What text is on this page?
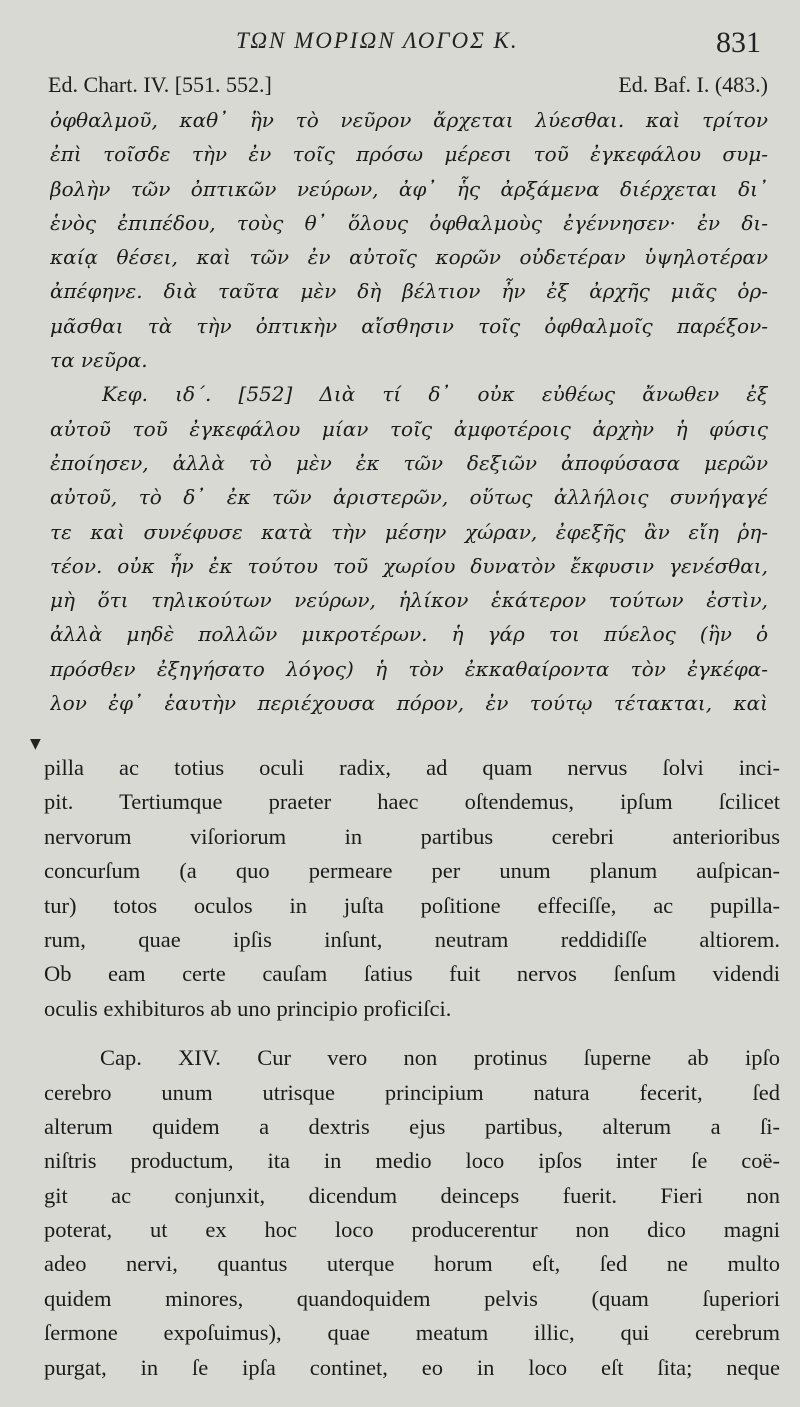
ΤΩΝ ΜΟΡΙΩΝ ΛΟΓΟΣ Κ.	831
Ed. Chart. IV. [551. 552.]	Ed. Baf. I. (483.)
ὀφθαλμοῦ, καθ᾽ ἣν τὸ νεῦρον ἄρχεται λύεσθαι. καὶ τρίτον
ἐπὶ τοῖσδε τὴν ἐν τοῖς πρόσω μέρεσι τοῦ ἐγκεφάλου συμ-
βολὴν τῶν ὀπτικῶν νεύρων, ἀφ᾽ ἧς ἀρξάμενα διέρχεται δι᾽
ἑνὸς ἐπιπέδου, τοὺς θ᾽ ὅλους ὀφθαλμοὺς ἐγέννησεν· ἐν δι-
καίᾳ θέσει, καὶ τῶν ἐν αὐτοῖς κορῶν οὐδετέραν ὑψηλοτέραν
ἀπέφηνε. διὰ ταῦτα μὲν δὴ βέλτιον ἦν ἐξ ἀρχῆς μιᾶς ὁρ-
μᾶσθαι τὰ τὴν ὀπτικὴν αἴσθησιν τοῖς ὀφθαλμοῖς παρέξον-
τα νεῦρα.
Κεφ. ιδ´. [552] Διὰ τί δ᾽ οὐκ εὐθέως ἄνωθεν ἐξ
αὐτοῦ τοῦ ἐγκεφάλου μίαν τοῖς ἀμφοτέροις ἀρχὴν ἡ φύσις
ἐποίησεν, ἀλλὰ τὸ μὲν ἐκ τῶν δεξιῶν ἀποφύσασα μερῶν
αὐτοῦ, τὸ δ᾽ ἐκ τῶν ἀριστερῶν, οὕτως ἀλλήλοις συνήγαγέ
τε καὶ συνέφυσε κατὰ τὴν μέσην χώραν, ἐφεξῆς ἂν εἴη ῥη-
τέον. οὐκ ἦν ἐκ τούτου τοῦ χωρίου δυνατὸν ἔκφυσιν γενέσθαι,
μὴ ὅτι τηλικούτων νεύρων, ἡλίκον ἑκάτερον τούτων ἐστὶν,
ἀλλὰ μηδὲ πολλῶν μικροτέρων. ἡ γάρ τοι πύελος (ἣν ὁ
πρόσθεν ἐξηγήσατο λόγος) ἡ τὸν ἐκκαθαίροντα τὸν ἐγκέφα-
λον ἐφ᾽ ἑαυτὴν περιέχουσα πόρον, ἐν τούτῳ τέτακται, καὶ
▼
pilla ac totius oculi radix, ad quam nervus ſolvi inci-
pit. Tertiumque praeter haec oſtendemus, ipſum ſcilicet
nervorum viſoriorum in partibus cerebri anterioribus
concurſum (a quo permeare per unum planum auſpican-
tur) totos oculos in juſta poſitione effeciſſe, ac pupilla-
rum, quae ipſis inſunt, neutram reddidiſſe altiorem.
Ob eam certe cauſam ſatius fuit nervos ſenſum videndi
oculis exhibituros ab uno principio proficiſci.
Cap. XIV. Cur vero non protinus ſuperne ab ipſo
cerebro unum utrisque principium natura fecerit, ſed
alterum quidem a dextris ejus partibus, alterum a ſi-
niſtris productum, ita in medio loco ipſos inter ſe coë-
git ac conjunxit, dicendum deinceps fuerit. Fieri non
poterat, ut ex hoc loco producerentur non dico magni
adeo nervi, quantus uterque horum eſt, ſed ne multo
quidem minores, quandoquidem pelvis (quam ſuperiori
ſermone expoſuimus), quae meatum illic, qui cerebrum
purgat, in ſe ipſa continet, eo in loco eſt ſita; neque
